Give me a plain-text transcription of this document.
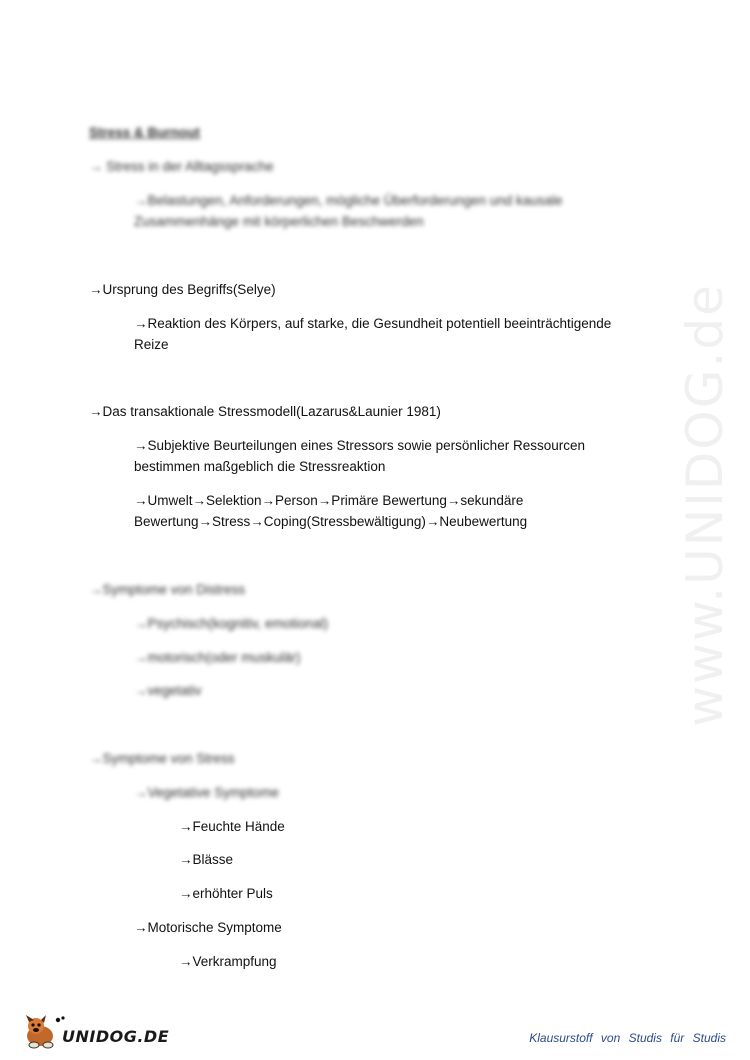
www.UNIDOG.de
Stress & Burnout
→ Stress in der Alltagssprache
→Belastungen, Anforderungen, mögliche Überforderungen und kausale
Zusammenhänge mit körperlichen Beschwerden
→Ursprung des Begriffs(Selye)
→Reaktion des Körpers, auf starke, die Gesundheit potentiell beeinträchtigende
Reize
→Das transaktionale Stressmodell(Lazarus&Launier 1981)
→Subjektive Beurteilungen eines Stressors sowie persönlicher Ressourcen
bestimmen maßgeblich die Stressreaktion
→Umwelt→Selektion→Person→Primäre Bewertung→sekundäre
Bewertung→Stress→Coping(Stressbewältigung)→Neubewertung
→Symptome von Distress
→Psychisch(kognitiv, emotional)
→motorisch(oder muskulär)
→vegetativ
→Symptome von Stress
→Vegetative Symptome
→Feuchte Hände
→Blässe
→erhöhter Puls
→Motorische Symptome
→Verkrampfung
UNIDOG.DE	Klausurstoff von Studis für Studis
